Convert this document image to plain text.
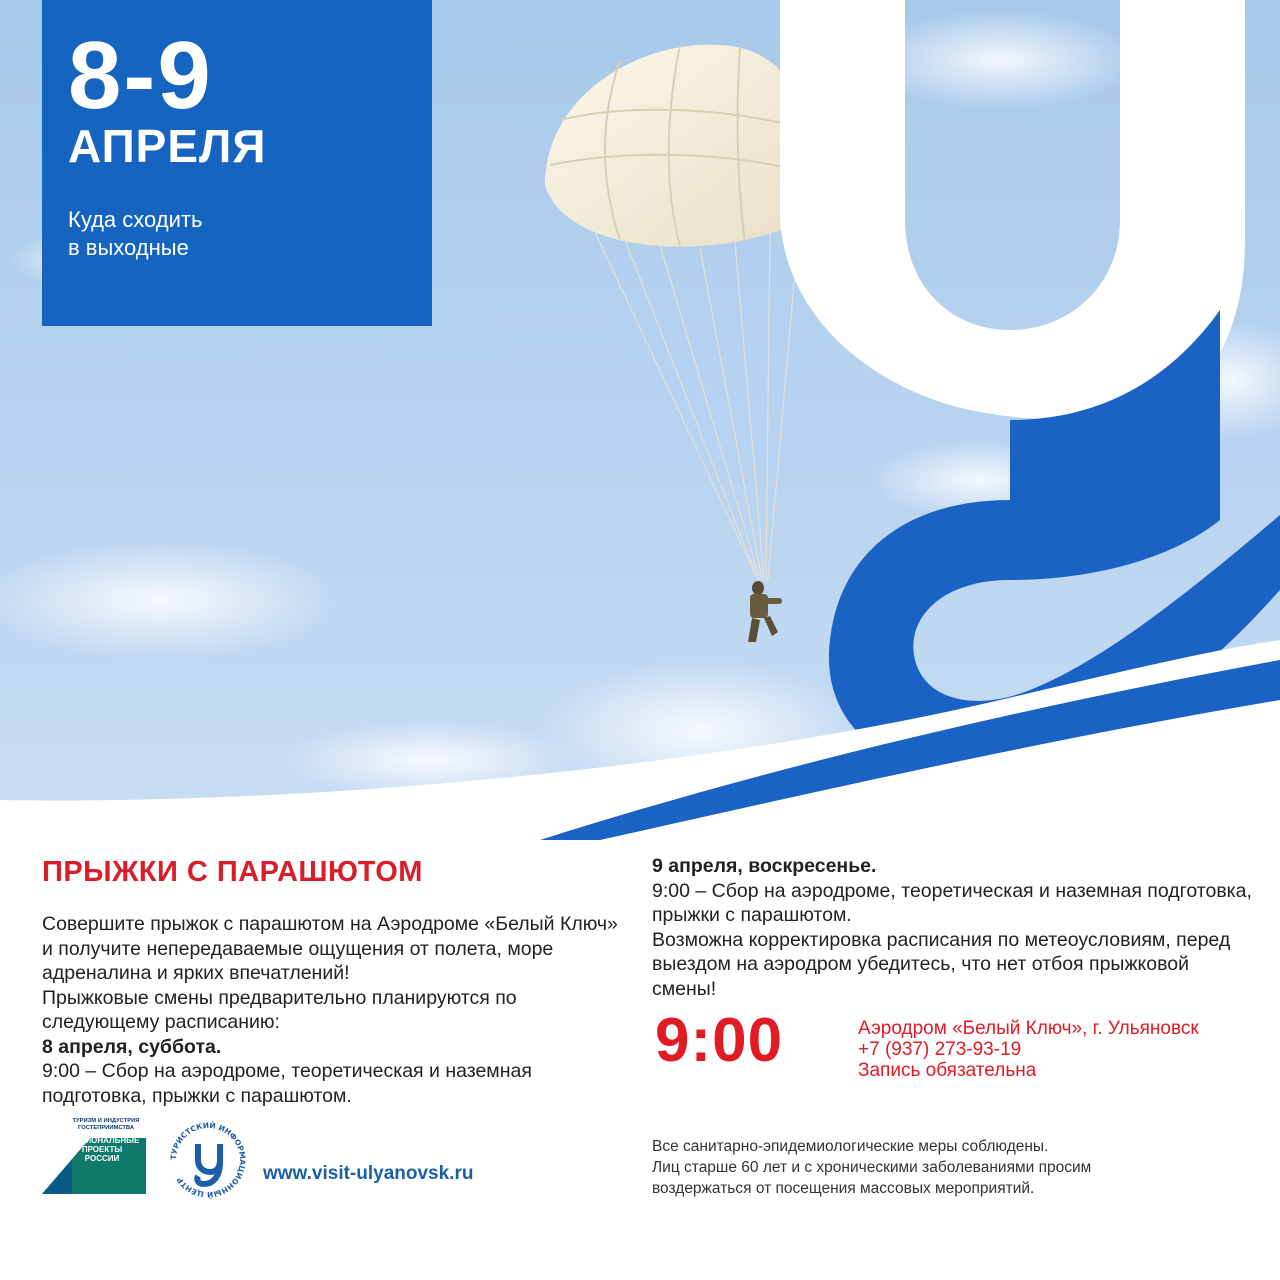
8-9
АПРЕЛЯ
Куда сходить
в выходные
ПРЫЖКИ С ПАРАШЮТОМ
Совершите прыжок с парашютом на Аэродроме «Белый Ключ» и получите непередаваемые ощущения от полета, море адреналина и ярких впечатлений!
Прыжковые смены предварительно планируются по следующему расписанию:
8 апреля, суббота.
9:00 – Сбор на аэродроме, теоретическая и наземная подготовка, прыжки с парашютом.
9 апреля, воскресенье.
9:00 – Сбор на аэродроме, теоретическая и наземная подготовка, прыжки с парашютом.
Возможна корректировка расписания по метеоусловиям, перед выездом на аэродром убедитесь, что нет отбоя прыжковой смены!
9:00	Аэродром «Белый Ключ», г. Ульяновск
+7 (937) 273-93-19
Запись обязательна
Все санитарно-эпидемиологические меры соблюдены.
Лиц старше 60 лет и с хроническими заболеваниями просим
воздержаться от посещения массовых мероприятий.
ТУРИЗМ И ИНДУСТРИЯ ГОСТЕПРИИМСТВА
НАЦИОНАЛЬНЫЕ ПРОЕКТЫ РОССИИ	ТУРИСТСКИЙ ИНФОРМАЦИОННЫЙ ЦЕНТР	www.visit-ulyanovsk.ru
